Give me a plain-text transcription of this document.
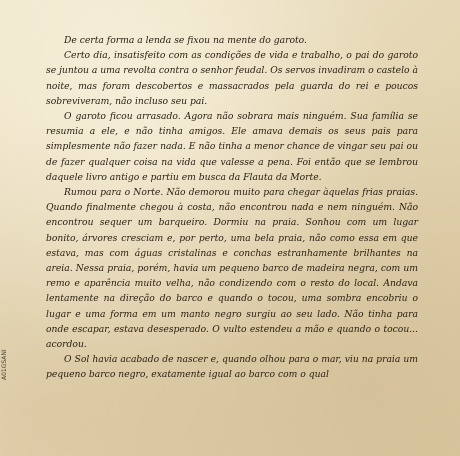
De certa forma a lenda se fixou na mente do garoto.

Certo dia, insatisfeito com as condições de vida e trabalho, o pai do garoto se juntou a uma revolta contra o senhor feudal. Os servos invadiram o castelo à noite, mas foram descobertos e massacrados pela guarda do rei e poucos sobreviveram, não incluso seu pai.

O garoto ficou arrasado. Agora não sobrara mais ninguém. Sua família se resumia a ele, e não tinha amigos. Ele amava demais os seus pais para simplesmente não fazer nada. E não tinha a menor chance de vingar seu pai ou de fazer qualquer coisa na vida que valesse a pena. Foi então que se lembrou daquele livro antigo e partiu em busca da Flauta da Morte.

Rumou para o Norte. Não demorou muito para chegar àquelas frias praias. Quando finalmente chegou à costa, não encontrou nada e nem ninguém. Não encontrou sequer um barqueiro. Dormiu na praia. Sonhou com um lugar bonito, árvores cresciam e, por perto, uma bela praia, não como essa em que estava, mas com águas cristalinas e conchas estranhamente brilhantes na areia. Nessa praia, porém, havia um pequeno barco de madeira negra, com um remo e aparência muito velha, não condizendo com o resto do local. Andava lentamente na direção do barco e quando o tocou, uma sombra encobriu o lugar e uma forma em um manto negro surgiu ao seu lado. Não tinha para onde escapar, estava desesperado. O vulto estendeu a mão e quando o tocou... acordou.

O Sol havia acabado de nascer e, quando olhou para o mar, viu na praia um pequeno barco negro, exatamente igual ao barco com o qual

A01GSANI
